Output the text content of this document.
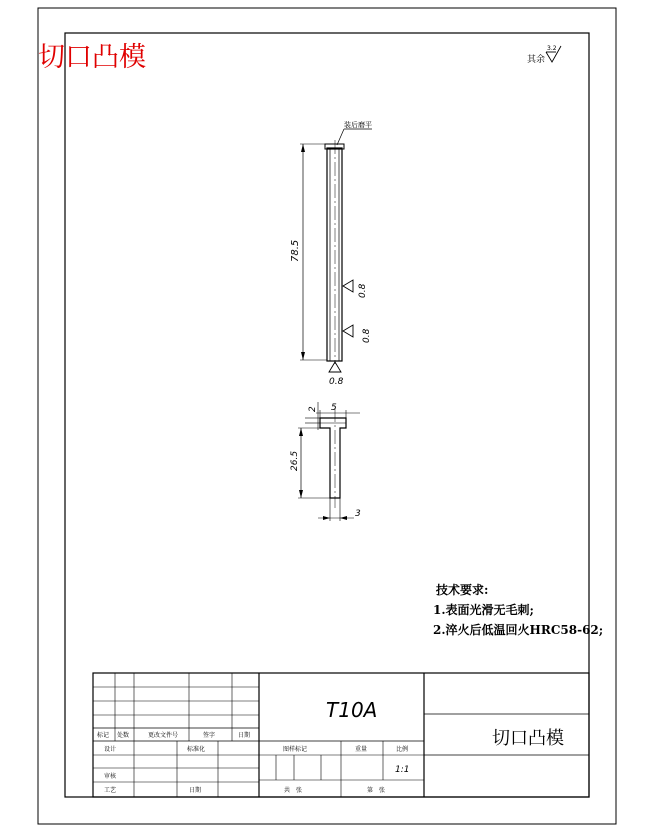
切口凸模	其余
3.2
装后磨平
78.5
0.8
0.8
0.8
2 5
26.5
3
技术要求:
1.表面光滑无毛刺;
2.淬火后低温回火HRC58-62;
标记 处数	更改文件号	签字	日期
设计	标准化
审核
工艺	日期
图样标记	重量	比例
1:1
共　张	第　张
T10A
切口凸模
